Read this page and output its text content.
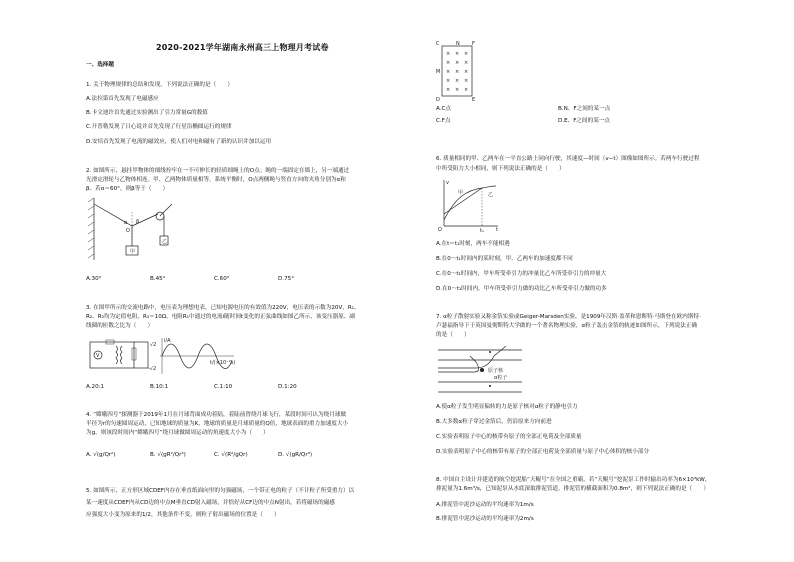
2020-2021学年湖南永州高三上物理月考试卷
一、选择题
1. 关于物理规律的总结和发现，下列说法正确的是（　　）
A.法拉第首先发现了电磁感应
B.卡文迪许首先通过实验测出了引力常量G的数值
C.开普勒发现了日心说并首先发现了行星沿椭圆运行的规律
D.安培首先发现了电流的磁效应，使人们对电和磁有了新的认识并加以运用
2. 如图所示，悬挂甲物体的细线拴牢在一不可伸长的轻质细绳上的O点；绳的一端固定在墙上，另一端通过
光滑定滑轮与乙物体相连。甲、乙两物体质量相等。系统平衡时，O点两侧绳与竖直方向的夹角分别为α和
β。若α＝60°，则β等于（　　）
甲
乙
α β
O
A.30°	B.45°	C.60°	D.75°
3. 在图甲所示的交流电路中，电压表为理想电表，已知电源电压的有效值为220V，电压表的示数为20V，R₁、
R₂、R₃均为定值电阻，R₃＝10Ω，电阻R₁中通过的电流i随时间t变化的正弦曲线如图乙所示，该变压器原、副
线圈的匝数之比为（　　）
V
i/A
√2
-√2
t/(×10⁻²s)
A.20:1	B.10:1	C.1:10	D.1:20
4. “嫦娥四号”探测器于2019年1月在月球背面成功着陆，着陆前曾绕月球飞行，某段时间可认为绕月球做
半径为r的匀速圆周运动，已知地球的质量为K，地球的质量是月球质量的Q倍，地球表面的重力加速度大小
为g，则该段时间内“嫦娥四号”绕月球做圆周运动的角速度大小为（　　）
A. √(g/Qr²)	B. √(gR²/Qr³)	C. √(R²/gQr)	D. √(gR/Qr³)
5. 如图所示，正方形区域CDEF内存在垂直纸面向里的匀强磁场，一个带正电的粒子（不计粒子所受重力）以
某一速度从CDEF内从CD边的中点M垂直CD射入磁场，并恰好从CF边的中点N射出，若将磁场的磁感
应强度大小变为原来的1/2，其他条件不变，则粒子射出磁场的位置是（　　）
× × ×
× × ×
× × ×
× × ×
× × ×
C	N F
M
D	E
A.C点	B.N、F之间的某一点
C.F点	D.E、F之间的某一点
6. 质量相同的甲、乙两车在一平直公路上同向行驶，其速度—时间（v−t）图像如图所示。若两车行驶过程
中所受阻力大小相同，则下列说法正确的是（　　）
v
t
O	t₁
甲	乙
A.在t＝t₁时刻，两车不能相遇
B.在0～t₁时间内的某时刻，甲、乙两车的加速度都不同
C.在0～t₁时间内，甲车所受牵引力的冲量比乙车所受牵引力的冲量大
D.在0～t₁时间内，甲车所受牵引力做的功比乙车所受牵引力做的功多
7. α粒子散射实验又称金箔实验或Geiger-Marsden实验，是1909年汉斯·盖革和恩斯特·马斯登在欧内斯特·
卢瑟福指导下于英国曼彻斯特大学做的一个著名物理实验，α粒子轰击金箔的轨迹如图所示，下列说法正确
的是（　　）
原子核
α粒子
A.使α粒子发生明显偏转的力是原子核对α粒子的静电引力
B.大多数α粒子穿过金箔后，仍沿原来方向前进
C.实验表明原子中心的核带有原子的全部正电荷及全部质量
D.实验表明原子中心的核带有原子的全部正电荷及全部质量与原子中心体积的核小部分
8. 中国自主设计并建造的航空挖泥船“天鲲号”在全国之重霸，若“天鲲号”挖泥泵工作时输出功率为6×10³kW，
排泥量为1.6m³/s，已知泥泵从水底深取排泥管道，排泥管的横截面积为0.8m²，则下列说法正确的是（　　）
A.排泥管中泥沙运动的平均速率为1m/s
B.排泥管中泥沙运动的平均速率为2m/s
